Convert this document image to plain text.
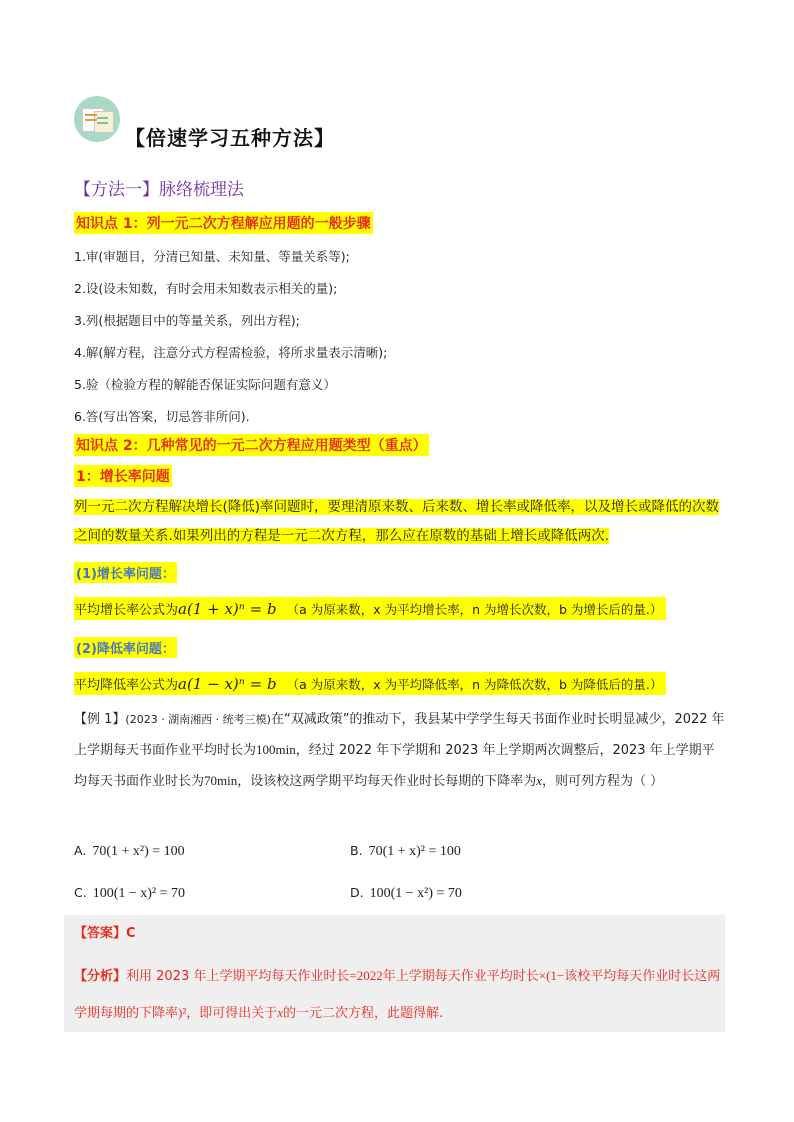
【倍速学习五种方法】
【方法一】脉络梳理法
知识点 1：列一元二次方程解应用题的一般步骤
1.审(审题目，分清已知量、未知量、等量关系等);
2.设(设未知数，有时会用未知数表示相关的量);
3.列(根据题目中的等量关系，列出方程);
4.解(解方程，注意分式方程需检验，将所求量表示清晰);
5.验（检验方程的解能否保证实际问题有意义）
6.答(写出答案，切忌答非所问).
知识点 2：几种常见的一元二次方程应用题类型（重点）
1：增长率问题
列一元二次方程解决增长(降低)率问题时，要理清原来数、后来数、增长率或降低率，以及增长或降低的次数之间的数量关系.如果列出的方程是一元二次方程，那么应在原数的基础上增长或降低两次.
(1)增长率问题：
平均增长率公式为a(1 + x)ⁿ = b （a 为原来数，x 为平均增长率，n 为增长次数，b 为增长后的量.）
(2)降低率问题：
平均降低率公式为a(1 − x)ⁿ = b （a 为原来数，x 为平均降低率，n 为降低次数，b 为降低后的量.）
【例 1】(2023 · 湖南湘西 · 统考三模)在“双减政策”的推动下，我县某中学学生每天书面作业时长明显减少，2022 年上学期每天书面作业平均时长为100min，经过 2022 年下学期和 2023 年上学期两次调整后，2023 年上学期平均每天书面作业时长为70min，设该校这两学期平均每天作业时长每期的下降率为x，则可列方程为（ ）
A. 70(1 + x²) = 100	B. 70(1 + x)² = 100
C. 100(1 − x)² = 70	D. 100(1 − x²) = 70
【答案】C
【分析】利用 2023 年上学期平均每天作业时长=2022年上学期每天作业平均时长×(1−该校平均每天作业时长这两学期每期的下降率)²，即可得出关于x的一元二次方程，此题得解.
